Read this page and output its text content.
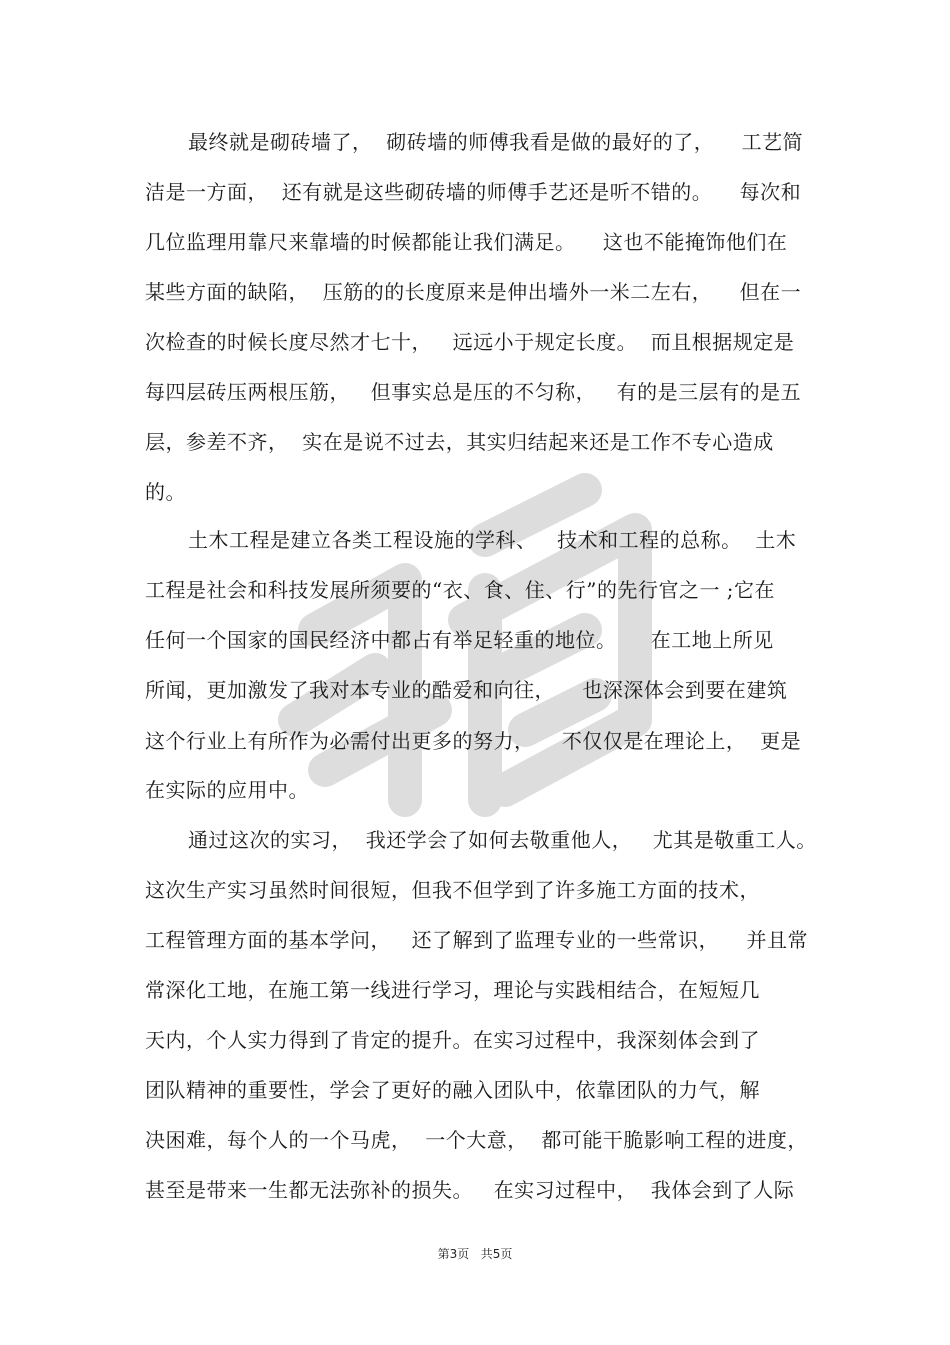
最终就是砌砖墙了，  砌砖墙的师傅我看是做的最好的了，    工艺简
洁是一方面，  还有就是这些砌砖墙的师傅手艺还是听不错的。    每次和
几位监理用靠尺来靠墙的时候都能让我们满足。    这也不能掩饰他们在
某些方面的缺陷，  压筋的的长度原来是伸出墙外一米二左右，    但在一
次检查的时候长度尽然才七十，   远远小于规定长度。  而且根据规定是
每四层砖压两根压筋，   但事实总是压的不匀称，   有的是三层有的是五
层，参差不齐，  实在是说不过去，其实归结起来还是工作不专心造成
的。
土木工程是建立各类工程设施的学科、   技术和工程的总称。  土木
工程是社会和科技发展所须要的“衣、食、住、行”的先行官之一 ;它在
任何一个国家的国民经济中都占有举足轻重的地位。     在工地上所见
所闻，更加激发了我对本专业的酷爱和向往，    也深深体会到要在建筑
这个行业上有所作为必需付出更多的努力，    不仅仅是在理论上，  更是
在实际的应用中。
通过这次的实习，  我还学会了如何去敬重他人，   尤其是敬重工人。
这次生产实习虽然时间很短，但我不但学到了许多施工方面的技术，
工程管理方面的基本学问，   还了解到了监理专业的一些常识，    并且常
常深化工地，在施工第一线进行学习，理论与实践相结合，在短短几
天内，个人实力得到了肯定的提升。在实习过程中，我深刻体会到了
团队精神的重要性，学会了更好的融入团队中，依靠团队的力气，解
决困难，每个人的一个马虎，  一个大意，  都可能干脆影响工程的进度，
甚至是带来一生都无法弥补的损失。   在实习过程中，  我体会到了人际
第3页   共5页
